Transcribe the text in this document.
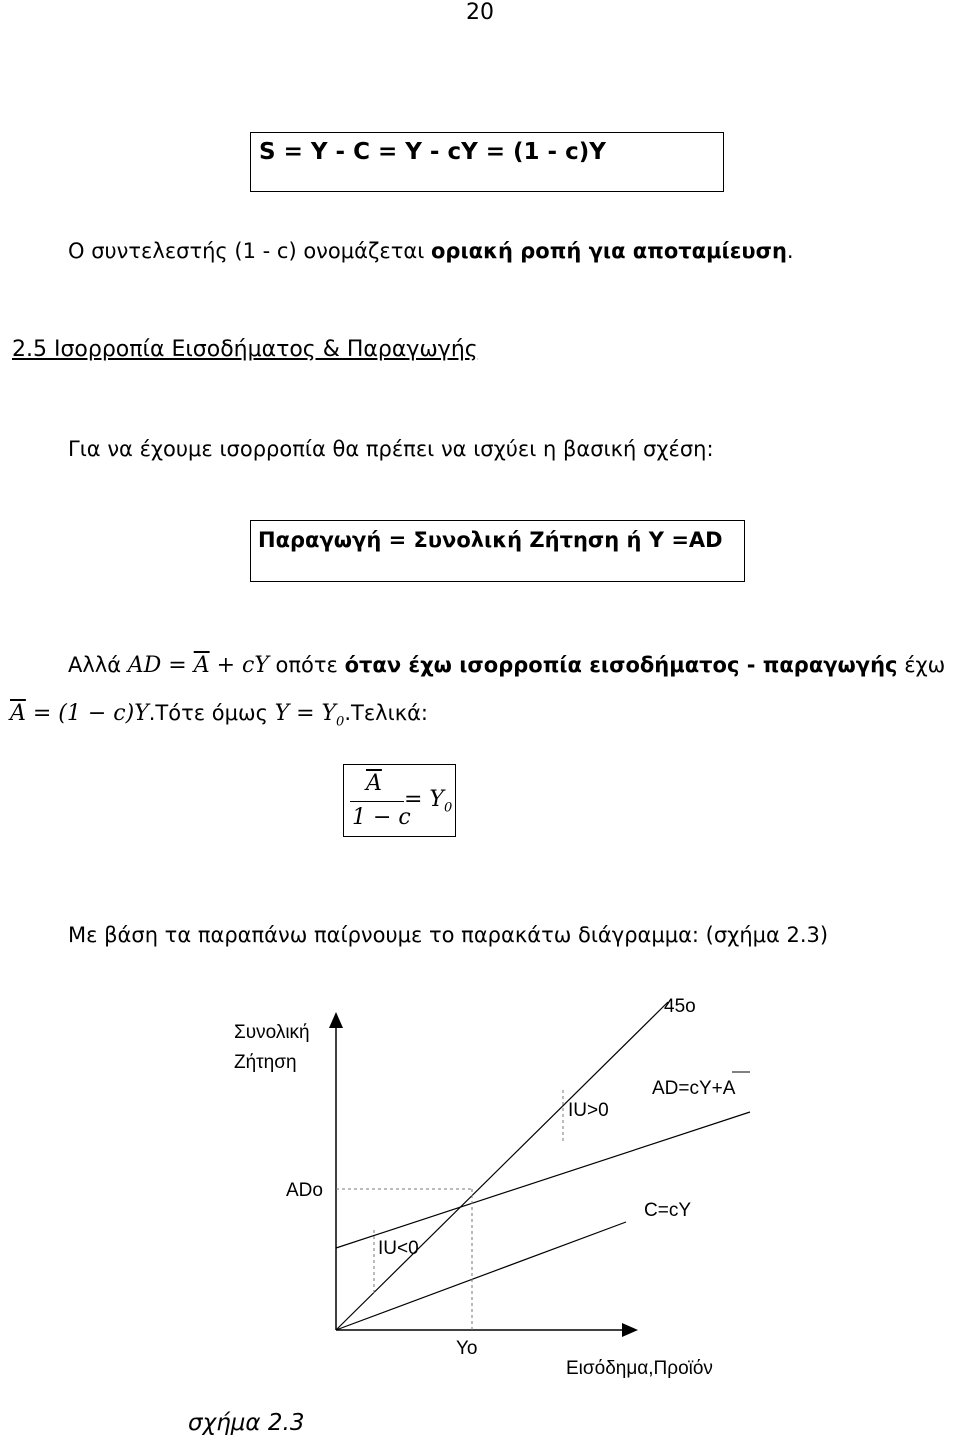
20
S = Y - C = Y - cY = (1 - c)Y
Ο συντελεστής (1 - c) ονομάζεται οριακή ροπή για αποταμίευση.
2.5 Ισορροπία Εισοδήματος & Παραγωγής
Για να έχουμε ισορροπία θα πρέπει να ισχύει η βασική σχέση:
Παραγωγή = Συνολική Ζήτηση ή Y =AD
Αλλά AD = $\overline{A}$ + cY οπότε όταν έχω ισορροπία εισοδήματος - παραγωγής έχω
$\overline{A} = (1 - c)Y.Tό\tau\varepsilon$ όμως $Y = Y_0.T\varepsilon\lambda\iota\kappa ά$:
$\overline{A}$
1 − c
= $Y_0$
Με βάση τα παραπάνω παίρνουμε το παρακάτω διάγραμμα: (σχήμα 2.3)
Συνολική
Ζήτηση
45o
AD=cY+A
IU>0
ADo
C=cY
IU<0
Yo
Εισόδημα,Προϊόν
σχήμα 2.3
